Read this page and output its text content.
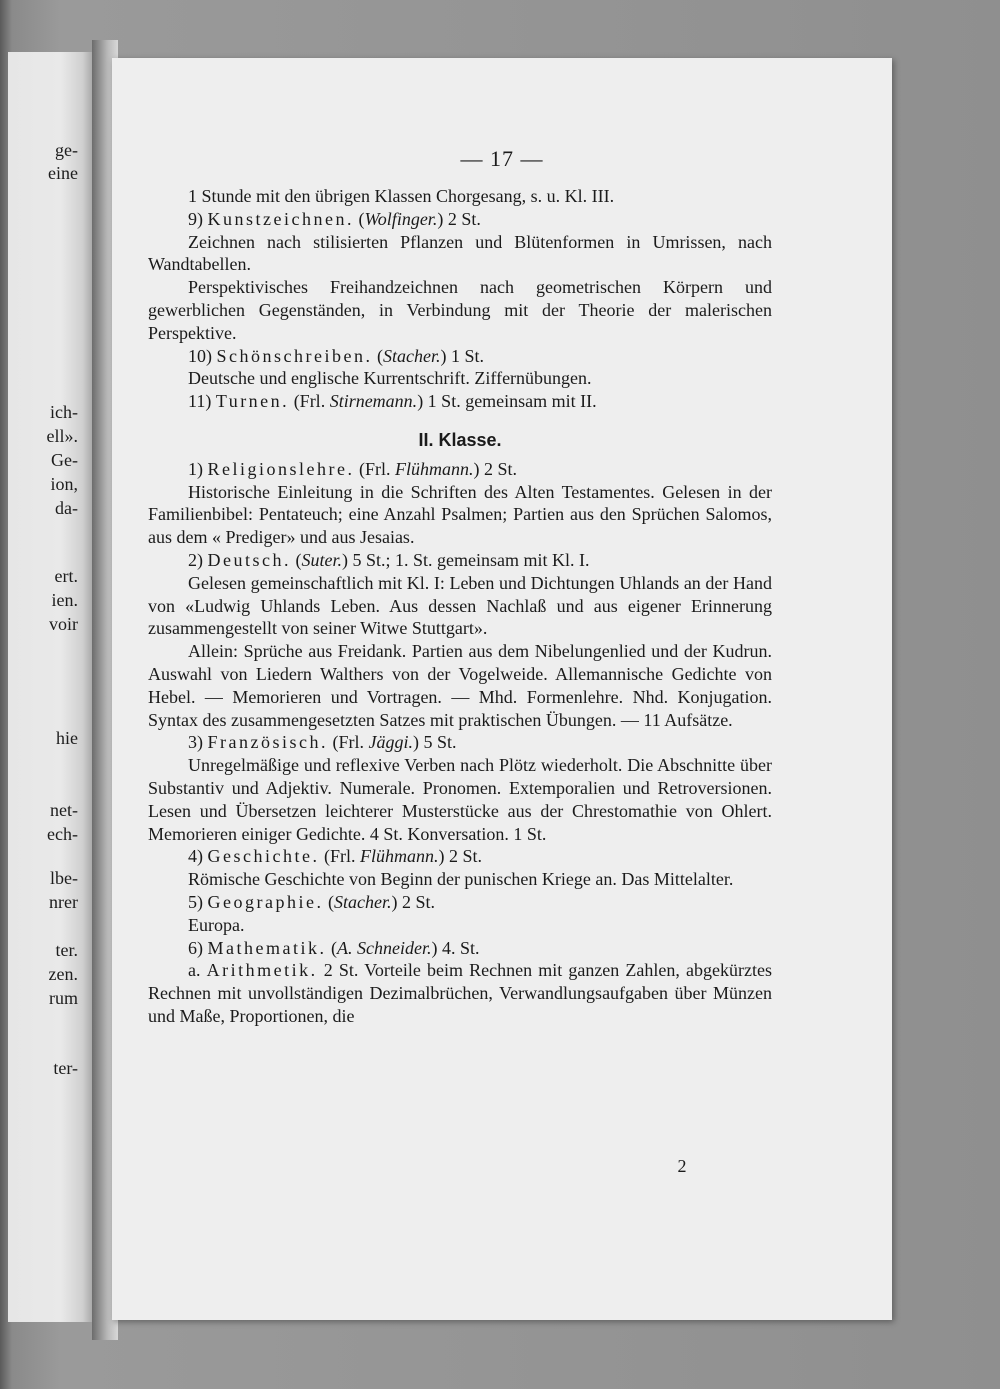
ge-
eine
ich-
ell».
Ge-
ion,
da-
ert.
ien.
voir
hie
net-
ech-
lbe-
nrer
ter.
zen.
rum
ter-
— 17 —

1 Stunde mit den übrigen Klassen Chorgesang, s. u. Kl. III.

9) Kunstzeichnen. (Wolfinger.) 2 St.

Zeichnen nach stilisierten Pflanzen und Blütenformen in Umrissen, nach Wandtabellen.

Perspektivisches Freihandzeichnen nach geometrischen Körpern und gewerblichen Gegenständen, in Verbindung mit der Theorie der malerischen Perspektive.

10) Schönschreiben. (Stacher.) 1 St.

Deutsche und englische Kurrentschrift. Ziffernübungen.

11) Turnen. (Frl. Stirnemann.) 1 St. gemeinsam mit II.

II. Klasse.

1) Religionslehre. (Frl. Flühmann.) 2 St.

Historische Einleitung in die Schriften des Alten Testamentes. Gelesen in der Familienbibel: Pentateuch; eine Anzahl Psalmen; Partien aus den Sprüchen Salomos, aus dem « Prediger» und aus Jesaias.

2) Deutsch. (Suter.) 5 St.; 1. St. gemeinsam mit Kl. I.

Gelesen gemeinschaftlich mit Kl. I: Leben und Dichtungen Uhlands an der Hand von «Ludwig Uhlands Leben. Aus dessen Nachlaß und aus eigener Erinnerung zusammengestellt von seiner Witwe Stuttgart».

Allein: Sprüche aus Freidank. Partien aus dem Nibelungenlied und der Kudrun. Auswahl von Liedern Walthers von der Vogelweide. Allemannische Gedichte von Hebel. — Memorieren und Vortragen. — Mhd. Formenlehre. Nhd. Konjugation. Syntax des zusammengesetzten Satzes mit praktischen Übungen. — 11 Aufsätze.

3) Französisch. (Frl. Jäggi.) 5 St.

Unregelmäßige und reflexive Verben nach Plötz wiederholt. Die Abschnitte über Substantiv und Adjektiv. Numerale. Pronomen. Extemporalien und Retroversionen. Lesen und Übersetzen leichterer Musterstücke aus der Chrestomathie von Ohlert. Memorieren einiger Gedichte. 4 St. Konversation. 1 St.

4) Geschichte. (Frl. Flühmann.) 2 St.

Römische Geschichte von Beginn der punischen Kriege an. Das Mittelalter.

5) Geographie. (Stacher.) 2 St.

Europa.

6) Mathematik. (A. Schneider.) 4. St.

a. Arithmetik. 2 St. Vorteile beim Rechnen mit ganzen Zahlen, abgekürztes Rechnen mit unvollständigen Dezimalbrüchen, Verwandlungsaufgaben über Münzen und Maße, Proportionen, die

2
